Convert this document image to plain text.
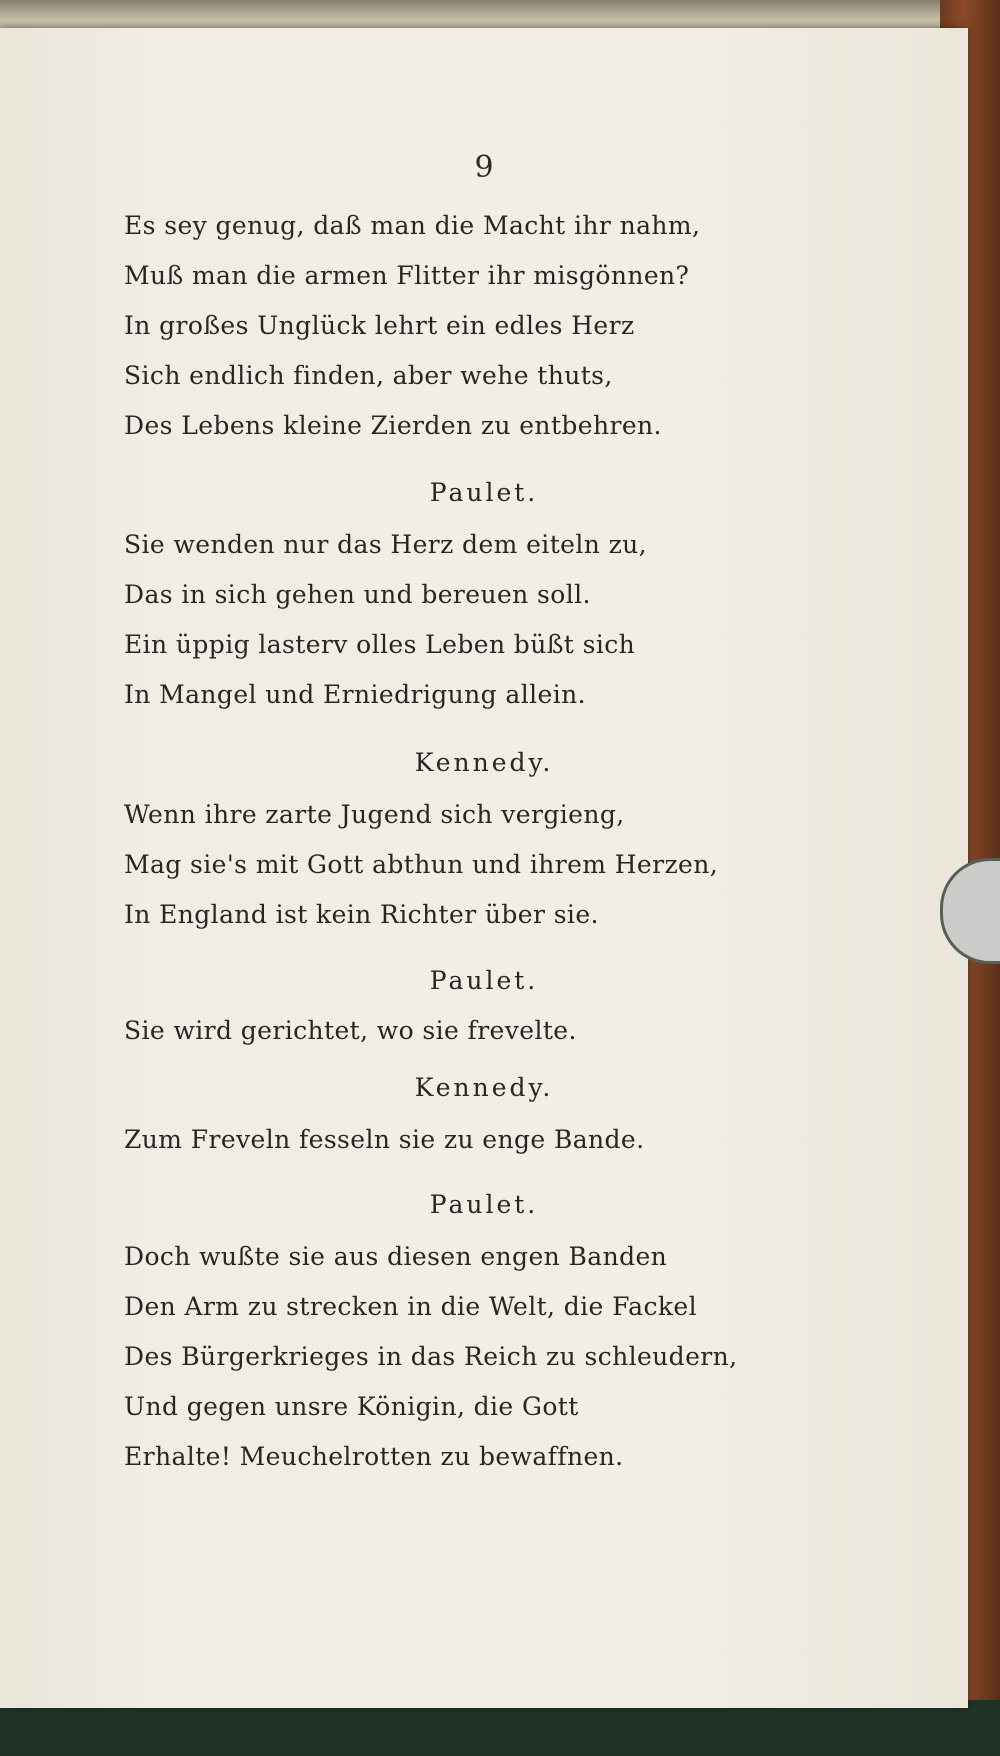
9
Es sey genug, daß man die Macht ihr nahm,
Muß man die armen Flitter ihr misgönnen?
In großes Unglück lehrt ein edles Herz
Sich endlich finden, aber wehe thuts,
Des Lebens kleine Zierden zu entbehren.
Paulet.
Sie wenden nur das Herz dem eiteln zu,
Das in sich gehen und bereuen soll.
Ein üppig lasterv olles Leben büßt sich
In Mangel und Erniedrigung allein.
Kennedy.
Wenn ihre zarte Jugend sich vergieng,
Mag sie's mit Gott abthun und ihrem Herzen,
In England ist kein Richter über sie.
Paulet.
Sie wird gerichtet, wo sie frevelte.
Kennedy.
Zum Freveln fesseln sie zu enge Bande.
Paulet.
Doch wußte sie aus diesen engen Banden
Den Arm zu strecken in die Welt, die Fackel
Des Bürgerkrieges in das Reich zu schleudern,
Und gegen unsre Königin, die Gott
Erhalte! Meuchelrotten zu bewaffnen.
